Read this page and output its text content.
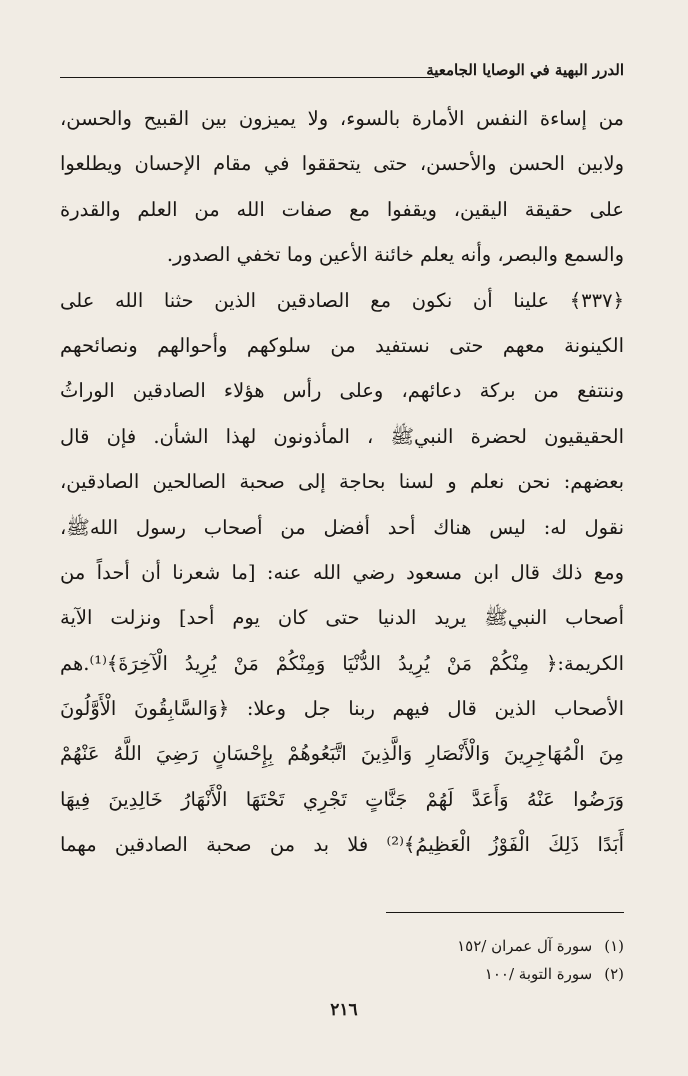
الدرر البهية في الوصايا الجامعية
من إساءة النفس الأمارة بالسوء، ولا يميزون بين القبيح والحسن،
ولابين الحسن والأحسن، حتى يتحققوا في مقام الإحسان ويطلعوا
على حقيقة اليقين، ويقفوا مع صفات الله من العلم والقدرة
والسمع والبصر، وأنه يعلم خائنة الأعين وما تخفي الصدور.
﴿٣٣٧﴾ علينا أن نكون مع الصادقين الذين حثنا الله على
الكينونة معهم حتى نستفيد من سلوكهم وأحوالهم ونصائحهم
وننتفع من بركة دعائهم، وعلى رأس هؤلاء الصادقين الوراثُ
الحقيقيون لحضرة النبيﷺ ، المأذونون لهذا الشأن. فإن قال
بعضهم: نحن نعلم و لسنا بحاجة إلى صحبة الصالحين الصادقين،
نقول له: ليس هناك أحد أفضل من أصحاب رسول اللهﷺ،
ومع ذلك قال ابن مسعود رضي الله عنه: [ما شعرنا أن أحداً من
أصحاب النبيﷺ يريد الدنيا حتى كان يوم أحد] ونزلت الآية
الكريمة:﴿ مِنْكُمْ مَنْ يُرِيدُ الدُّنْيَا وَمِنْكُمْ مَنْ يُرِيدُ الْآخِرَةَ﴾⁽¹⁾.هم
الأصحاب الذين قال فيهم ربنا جل وعلا: ﴿وَالسَّابِقُونَ الْأَوَّلُونَ
مِنَ الْمُهَاجِرِينَ وَالْأَنْصَارِ وَالَّذِينَ اتَّبَعُوهُمْ بِإِحْسَانٍ رَضِيَ اللَّهُ عَنْهُمْ
وَرَضُوا عَنْهُ وَأَعَدَّ لَهُمْ جَنَّاتٍ تَجْرِي تَحْتَهَا الْأَنْهَارُ خَالِدِينَ فِيهَا
أَبَدًا ذَلِكَ الْفَوْزُ الْعَظِيمُ﴾⁽²⁾ فلا بد من صحبة الصادقين مهما
(١)
سورة آل عمران /١٥٢
(٢)
سورة التوبة /١٠٠
٢١٦
